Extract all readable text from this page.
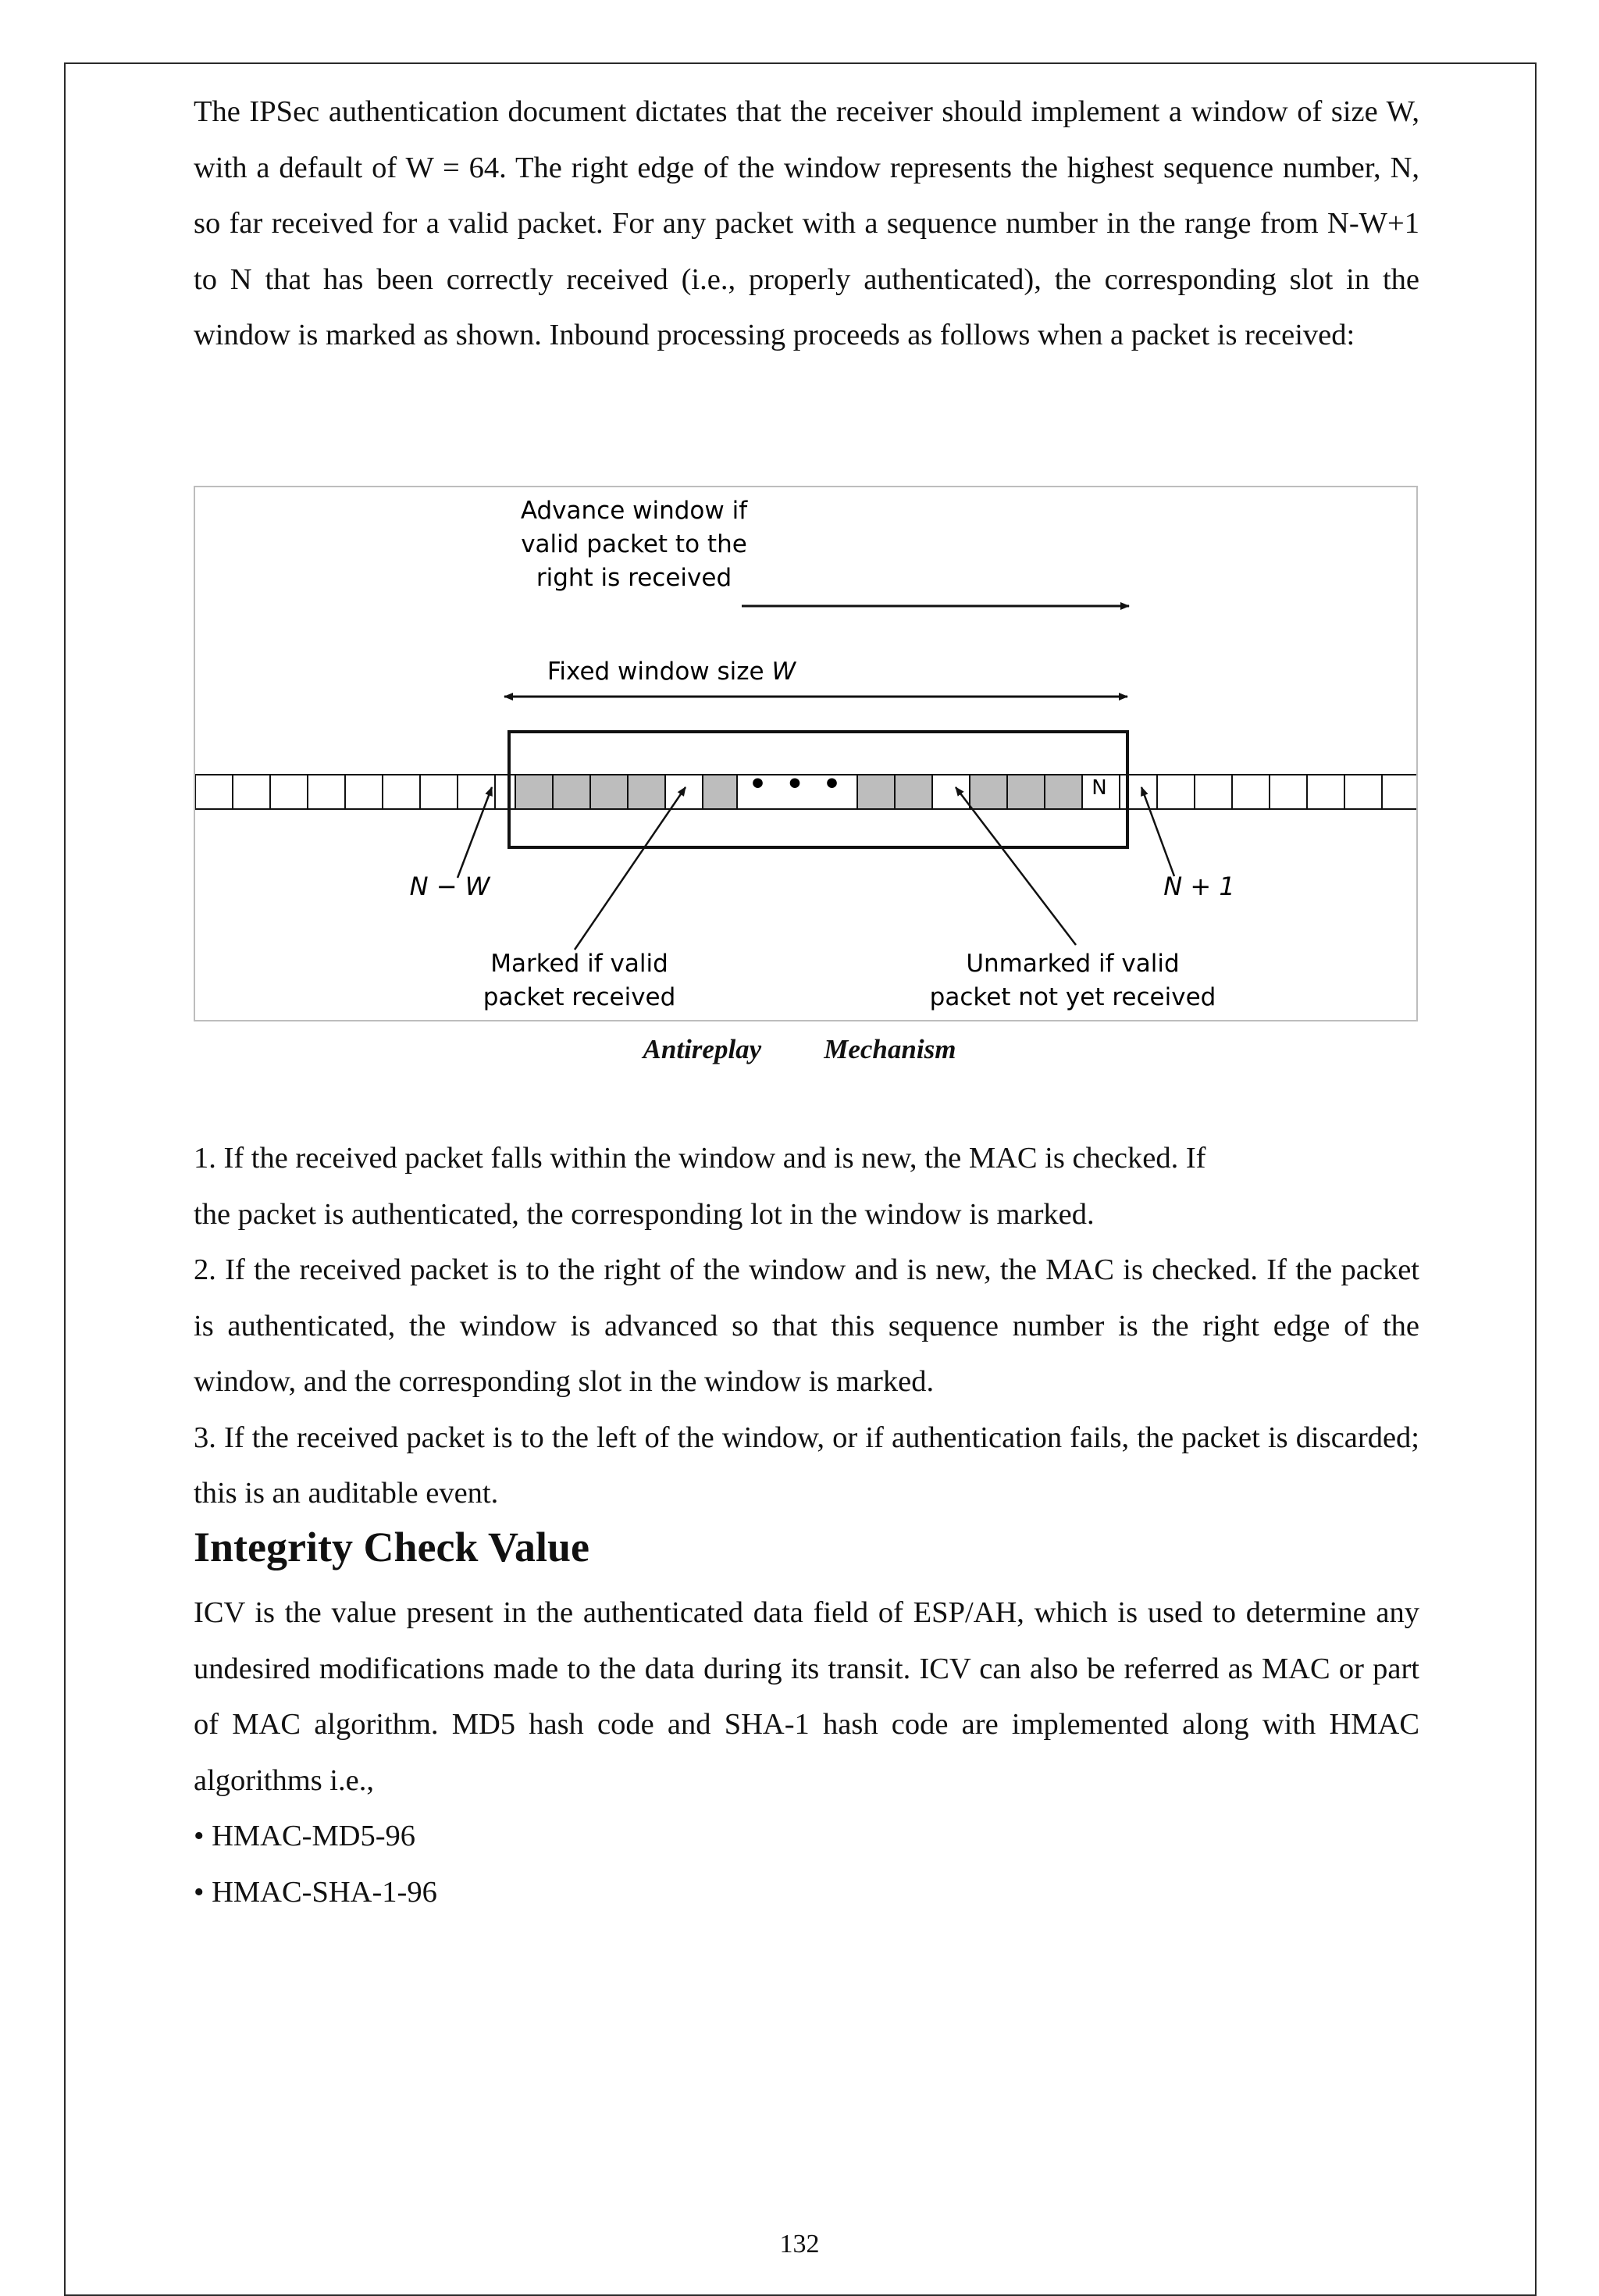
The IPSec authentication document dictates that the receiver should implement a window of size W, with a default of W = 64. The right edge of the window represents the highest sequence number, N, so far received for a valid packet. For any packet with a sequence number in the range from N-W+1 to N that has been correctly received (i.e., properly authenticated), the corresponding slot in the window is marked as shown. Inbound processing proceeds as follows when a packet is received:

Advance window if
valid packet to the
right is received
Fixed window size W
• • •	N
N − W	N + 1
Marked if valid
packet received
Unmarked if valid
packet not yet received
Antireplay Mechanism

1. If the received packet falls within the window and is new, the MAC is checked. If

the packet is authenticated, the corresponding lot in the window is marked.

2. If the received packet is to the right of the window and is new, the MAC is checked. If the packet is authenticated, the window is advanced so that this sequence number is the right edge of the window, and the corresponding slot in the window is marked.

3. If the received packet is to the left of the window, or if authentication fails, the packet is discarded; this is an auditable event.

Integrity Check Value

ICV is the value present in the authenticated data field of ESP/AH, which is used to determine any undesired modifications made to the data during its transit. ICV can also be referred as MAC or part of MAC algorithm. MD5 hash code and SHA-1 hash code are implemented along with HMAC algorithms i.e.,

• HMAC-MD5-96

• HMAC-SHA-1-96

132
